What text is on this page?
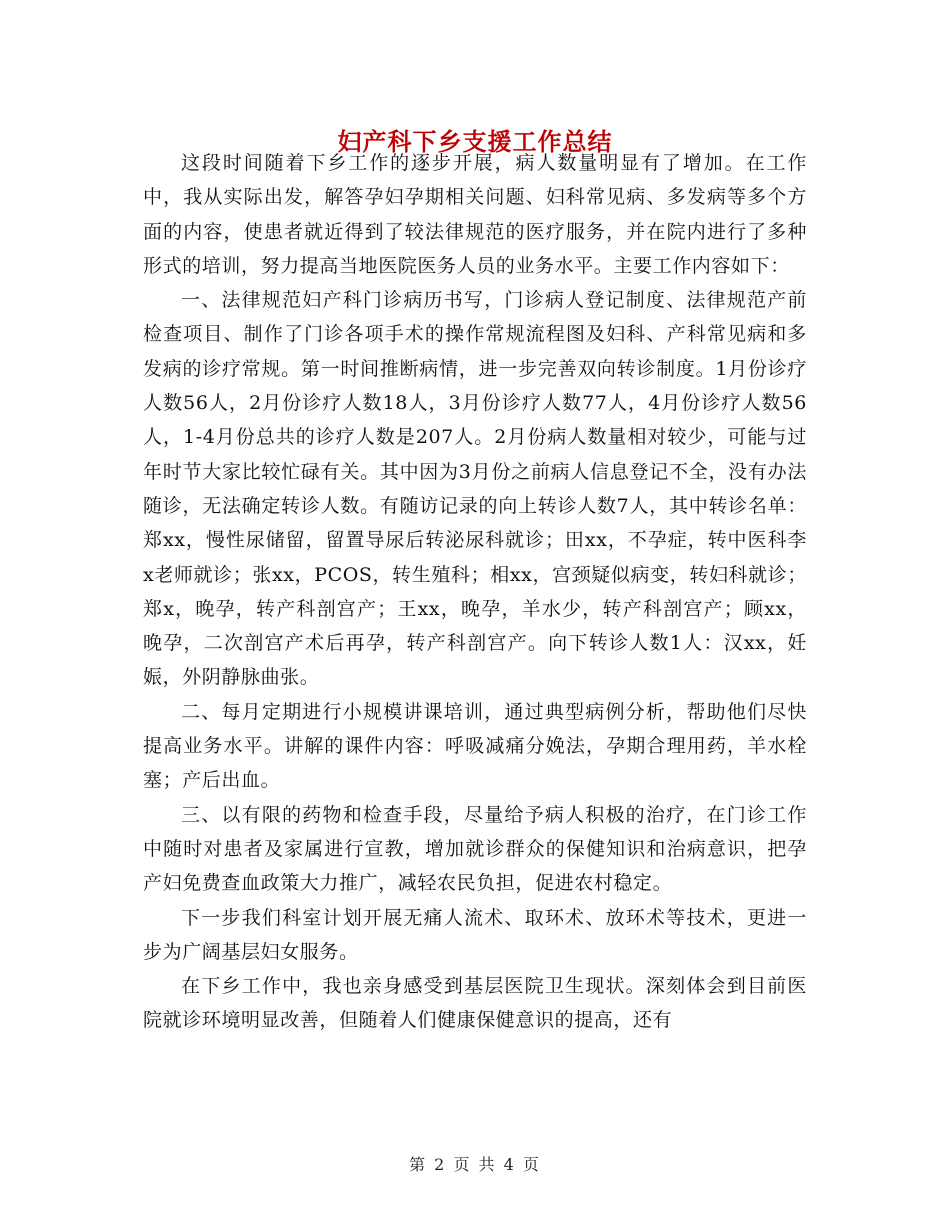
妇产科下乡支援工作总结

这段时间随着下乡工作的逐步开展，病人数量明显有了增加。在工作中，我从实际出发，解答孕妇孕期相关问题、妇科常见病、多发病等多个方面的内容，使患者就近得到了较法律规范的医疗服务，并在院内进行了多种形式的培训，努力提高当地医院医务人员的业务水平。主要工作内容如下：

一、法律规范妇产科门诊病历书写，门诊病人登记制度、法律规范产前检查项目、制作了门诊各项手术的操作常规流程图及妇科、产科常见病和多发病的诊疗常规。第一时间推断病情，进一步完善双向转诊制度。1月份诊疗人数56人，2月份诊疗人数18人，3月份诊疗人数77人，4月份诊疗人数56人，1-4月份总共的诊疗人数是207人。2月份病人数量相对较少，可能与过年时节大家比较忙碌有关。其中因为3月份之前病人信息登记不全，没有办法随诊，无法确定转诊人数。有随访记录的向上转诊人数7人，其中转诊名单：郑xx，慢性尿储留，留置导尿后转泌尿科就诊；田xx，不孕症，转中医科李x老师就诊；张xx，PCOS，转生殖科；相xx，宫颈疑似病变，转妇科就诊；郑x，晚孕，转产科剖宫产；王xx，晚孕，羊水少，转产科剖宫产；顾xx，晚孕，二次剖宫产术后再孕，转产科剖宫产。向下转诊人数1人：汉xx，妊娠，外阴静脉曲张。

二、每月定期进行小规模讲课培训，通过典型病例分析，帮助他们尽快提高业务水平。讲解的课件内容：呼吸减痛分娩法，孕期合理用药，羊水栓塞；产后出血。

三、以有限的药物和检查手段，尽量给予病人积极的治疗，在门诊工作中随时对患者及家属进行宣教，增加就诊群众的保健知识和治病意识，把孕产妇免费查血政策大力推广，减轻农民负担，促进农村稳定。

下一步我们科室计划开展无痛人流术、取环术、放环术等技术，更进一步为广阔基层妇女服务。

在下乡工作中，我也亲身感受到基层医院卫生现状。深刻体会到目前医院就诊环境明显改善，但随着人们健康保健意识的提高，还有

第 2 页 共 4 页
